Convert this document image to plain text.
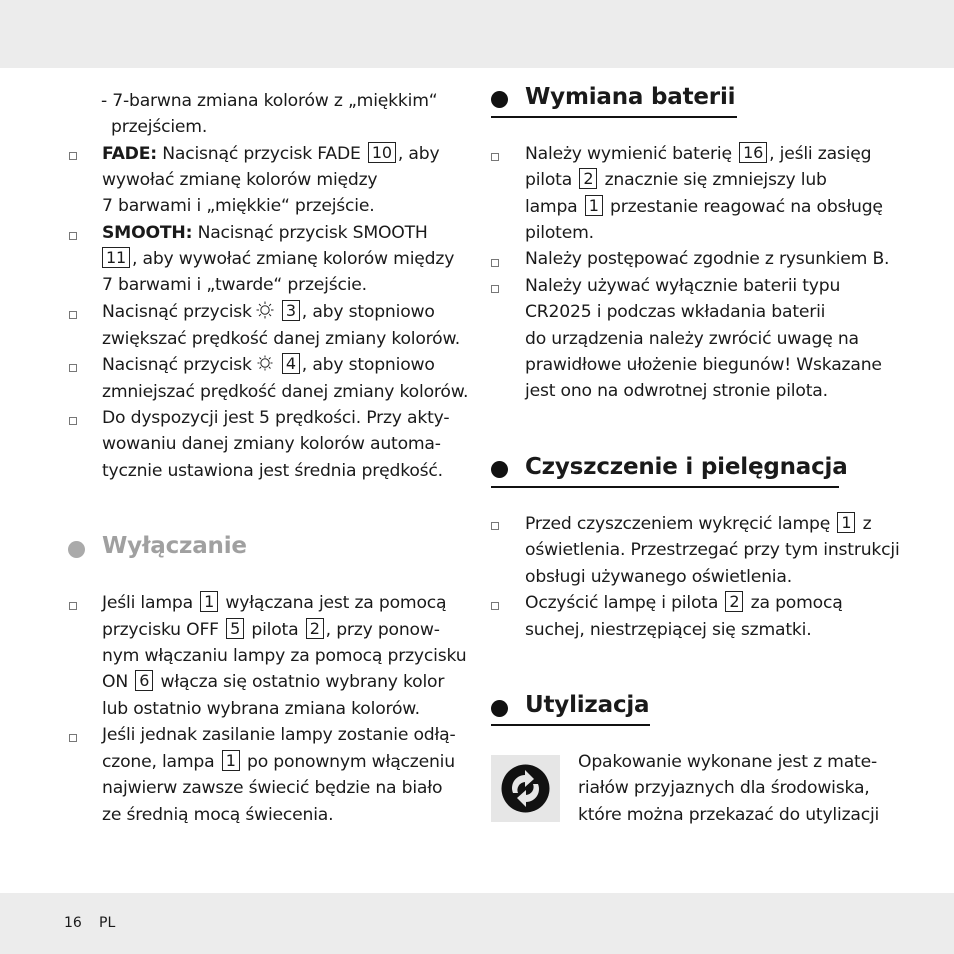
- 7-barwna zmiana kolorów z „miękkim“
przejściem.
FADE: Nacisnąć przycisk FADE 10 , aby
wywołać zmianę kolorów między
7 barwami i „miękkie“ przejście.
SMOOTH: Nacisnąć przycisk SMOOTH
11 , aby wywołać zmianę kolorów między
7 barwami i „twarde“ przejście.
Nacisnąć przycisk 3 , aby stopniowo
zwiększać prędkość danej zmiany kolorów.
Nacisnąć przycisk 4 , aby stopniowo
zmniejszać prędkość danej zmiany kolorów.
Do dyspozycji jest 5 prędkości. Przy akty-
wowaniu danej zmiany kolorów automa-
tycznie ustawiona jest średnia prędkość.
Wyłączanie
Jeśli lampa 1 wyłączana jest za pomocą
przycisku OFF 5 pilota 2 , przy ponow-
nym włączaniu lampy za pomocą przycisku
ON 6 włącza się ostatnio wybrany kolor
lub ostatnio wybrana zmiana kolorów.
Jeśli jednak zasilanie lampy zostanie odłą-
czone, lampa 1 po ponownym włączeniu
najwierw zawsze świecić będzie na biało
ze średnią mocą świecenia.
Wymiana baterii
Należy wymienić baterię 16 , jeśli zasięg
pilota 2 znacznie się zmniejszy lub
lampa 1 przestanie reagować na obsługę
pilotem.
Należy postępować zgodnie z rysunkiem B.
Należy używać wyłącznie baterii typu
CR2025 i podczas wkładania baterii
do urządzenia należy zwrócić uwagę na
prawidłowe ułożenie biegunów! Wskazane
jest ono na odwrotnej stronie pilota.
Czyszczenie i pielęgnacja
Przed czyszczeniem wykręcić lampę 1 z
oświetlenia. Przestrzegać przy tym instrukcji
obsługi używanego oświetlenia.
Oczyścić lampę i pilota 2 za pomocą
suchej, niestrzępiącej się szmatki.
Utylizacja
Opakowanie wykonane jest z mate-
riałów przyjaznych dla środowiska,
które można przekazać do utylizacji
16 PL
